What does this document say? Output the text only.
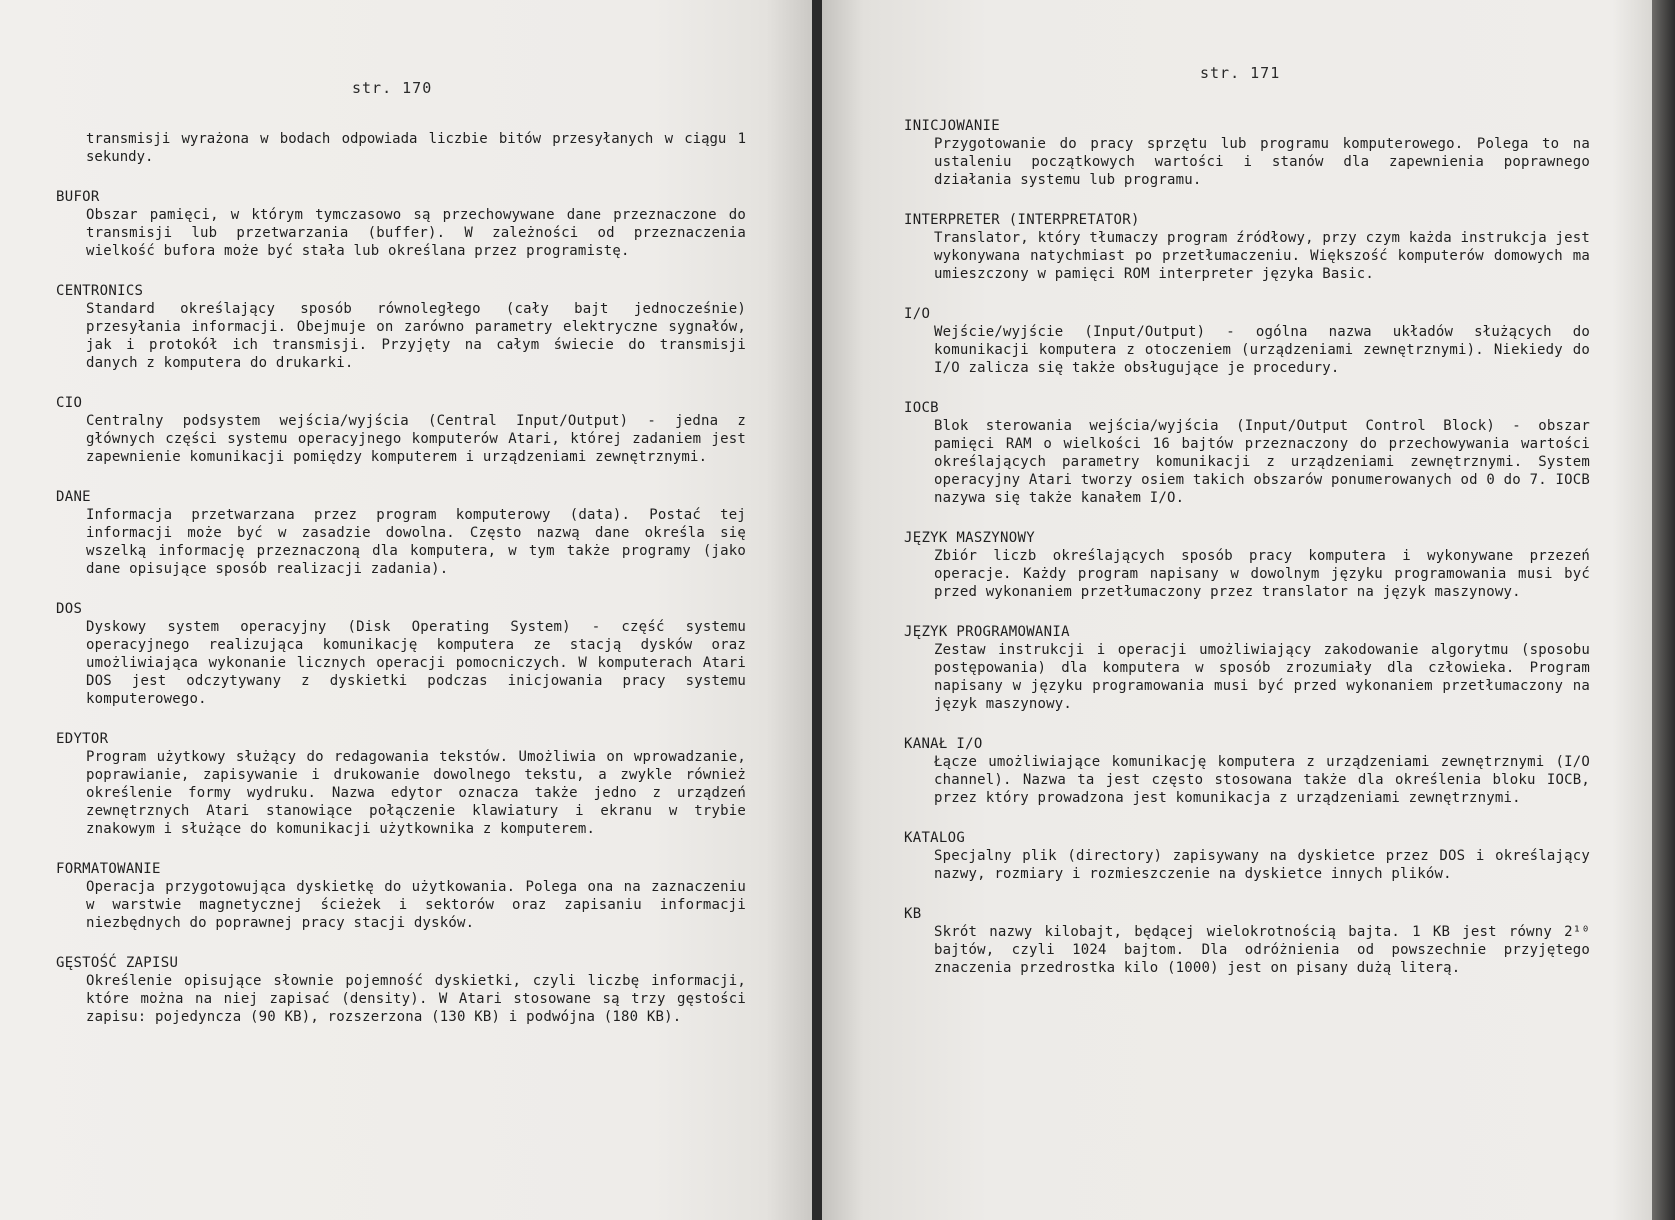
str. 170

transmisji wyrażona w bodach odpowiada liczbie bitów przesyłanych w ciągu 1 sekundy.

BUFOR

Obszar pamięci, w którym tymczasowo są przechowywane dane przeznaczone do transmisji lub przetwarzania (buffer). W zależności od przeznaczenia wielkość bufora może być stała lub określana przez programistę.

CENTRONICS

Standard określający sposób równoległego (cały bajt jednocześnie) przesyłania informacji. Obejmuje on zarówno parametry elektryczne sygnałów, jak i protokół ich transmisji. Przyjęty na całym świecie do transmisji danych z komputera do drukarki.

CIO

Centralny podsystem wejścia/wyjścia (Central Input/Output) - jedna z głównych części systemu operacyjnego komputerów Atari, której zadaniem jest zapewnienie komunikacji pomiędzy komputerem i urządzeniami zewnętrznymi.

DANE

Informacja przetwarzana przez program komputerowy (data). Postać tej informacji może być w zasadzie dowolna. Często nazwą dane określa się wszelką informację przeznaczoną dla komputera, w tym także programy (jako dane opisujące sposób realizacji zadania).

DOS

Dyskowy system operacyjny (Disk Operating System) - część systemu operacyjnego realizująca komunikację komputera ze stacją dysków oraz umożliwiająca wykonanie licznych operacji pomocniczych. W komputerach Atari DOS jest odczytywany z dyskietki podczas inicjowania pracy systemu komputerowego.

EDYTOR

Program użytkowy służący do redagowania tekstów. Umożliwia on wprowadzanie, poprawianie, zapisywanie i drukowanie dowolnego tekstu, a zwykle również określenie formy wydruku. Nazwa edytor oznacza także jedno z urządzeń zewnętrznych Atari stanowiące połączenie klawiatury i ekranu w trybie znakowym i służące do komunikacji użytkownika z komputerem.

FORMATOWANIE

Operacja przygotowująca dyskietkę do użytkowania. Polega ona na zaznaczeniu w warstwie magnetycznej ścieżek i sektorów oraz zapisaniu informacji niezbędnych do poprawnej pracy stacji dysków.

GĘSTOŚĆ ZAPISU

Określenie opisujące słownie pojemność dyskietki, czyli liczbę informacji, które można na niej zapisać (density). W Atari stosowane są trzy gęstości zapisu: pojedyncza (90 KB), rozszerzona (130 KB) i podwójna (180 KB).

str. 171

INICJOWANIE

Przygotowanie do pracy sprzętu lub programu komputerowego. Polega to na ustaleniu początkowych wartości i stanów dla zapewnienia poprawnego działania systemu lub programu.

INTERPRETER (INTERPRETATOR)

Translator, który tłumaczy program źródłowy, przy czym każda instrukcja jest wykonywana natychmiast po przetłumaczeniu. Większość komputerów domowych ma umieszczony w pamięci ROM interpreter języka Basic.

I/O

Wejście/wyjście (Input/Output) - ogólna nazwa układów służących do komunikacji komputera z otoczeniem (urządzeniami zewnętrznymi). Niekiedy do I/O zalicza się także obsługujące je procedury.

IOCB

Blok sterowania wejścia/wyjścia (Input/Output Control Block) - obszar pamięci RAM o wielkości 16 bajtów przeznaczony do przechowywania wartości określających parametry komunikacji z urządzeniami zewnętrznymi. System operacyjny Atari tworzy osiem takich obszarów ponumerowanych od 0 do 7. IOCB nazywa się także kanałem I/O.

JĘZYK MASZYNOWY

Zbiór liczb określających sposób pracy komputera i wykonywane przezeń operacje. Każdy program napisany w dowolnym języku programowania musi być przed wykonaniem przetłumaczony przez translator na język maszynowy.

JĘZYK PROGRAMOWANIA

Zestaw instrukcji i operacji umożliwiający zakodowanie algorytmu (sposobu postępowania) dla komputera w sposób zrozumiały dla człowieka. Program napisany w języku programowania musi być przed wykonaniem przetłumaczony na język maszynowy.

KANAŁ I/O

Łącze umożliwiające komunikację komputera z urządzeniami zewnętrznymi (I/O channel). Nazwa ta jest często stosowana także dla określenia bloku IOCB, przez który prowadzona jest komunikacja z urządzeniami zewnętrznymi.

KATALOG

Specjalny plik (directory) zapisywany na dyskietce przez DOS i określający nazwy, rozmiary i rozmieszczenie na dyskietce innych plików.

KB

Skrót nazwy kilobajt, będącej wielokrotnością bajta. 1 KB jest równy 2¹⁰ bajtów, czyli 1024 bajtom. Dla odróżnienia od powszechnie przyjętego znaczenia przedrostka kilo (1000) jest on pisany dużą literą.
